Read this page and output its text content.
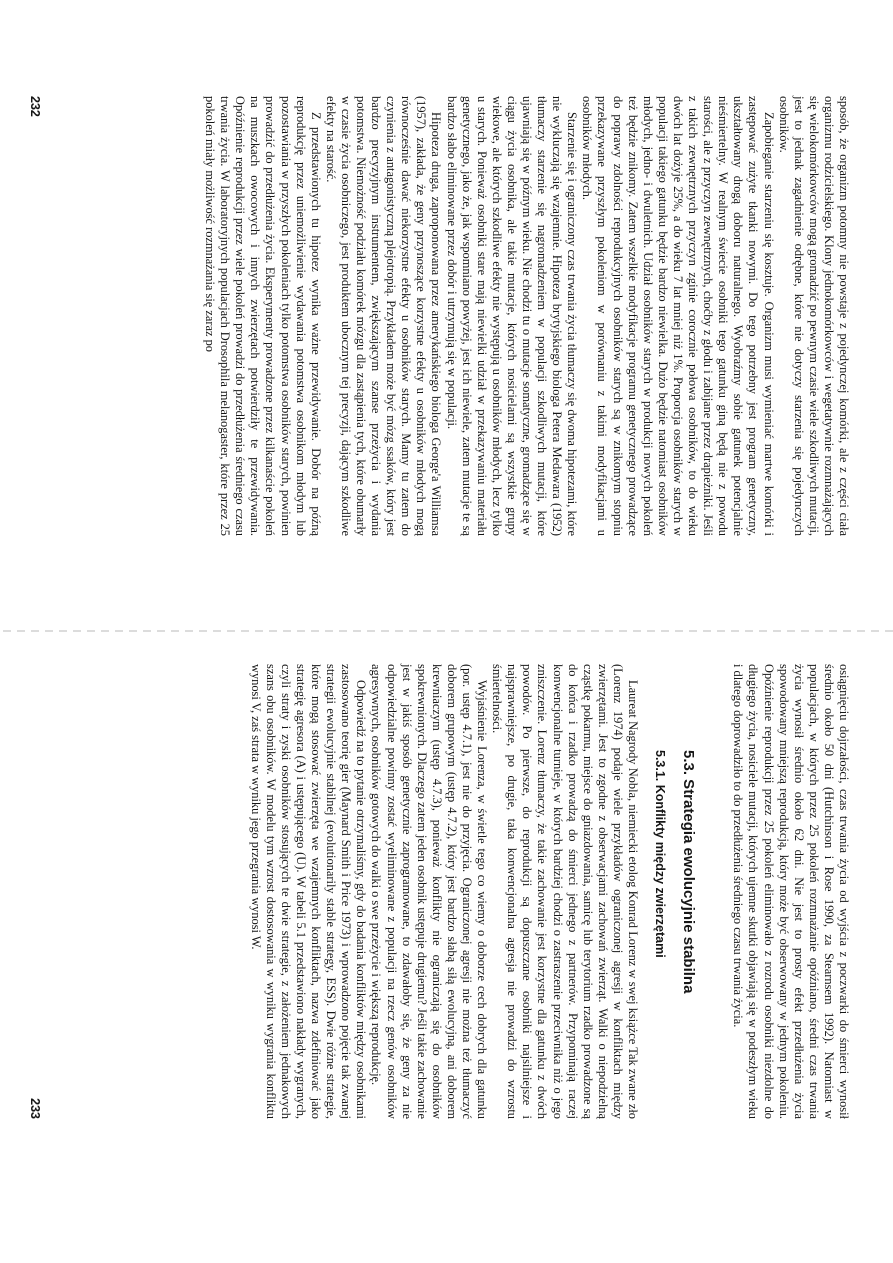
sposób, że organizm potomny nie powstaje z pojedynczej komórki, ale z części ciała organizmu rodzicielskiego. Klony jednokomórkowców i wegetatywnie rozmnażających się wielokomórkowców mogą gromadzić po pewnym czasie wiele szkodliwych mutacji, jest to jednak zagadnienie odrębne, które nie dotyczy starzenia się pojedynczych osobników.

Zapobieganie starzeniu się kosztuje. Organizm musi wymieniać martwe komórki i zastępować zużyte tkanki nowymi. Do tego potrzebny jest program genetyczny, ukształtowany drogą doboru naturalnego. Wyobraźmy sobie gatunek potencjalnie nieśmiertelny. W realnym świecie osobniki tego gatunku giną będą nie z powodu starości, ale z przyczyn zewnętrznych, choćby z głodu i zabijane przez drapieżniki. Jeśli z takich zewnętrznych przyczyn zginie corocznie połowa osobników, to do wieku dwóch lat dożyje 25%, a do wieku 7 lat mniej niż 1%. Proporcja osobników starych w populacji takiego gatunku będzie bardzo niewielka. Dużo będzie natomiast osobników młodych, jedno- i dwuletnich. Udział osobników starych w produkcji nowych pokoleń też będzie znikomy. Zatem wszelkie modyfikacje programu genetycznego prowadzące do poprawy zdolności reprodukcyjnych osobników starych są w znikomym stopniu przekazywane przyszłym pokoleniom w porównaniu z takimi modyfikacjami u osobników młodych.

Starzenie się i ograniczony czas trwania życia tłumaczy się dwoma hipotezami, które nie wykluczają się wzajemnie. Hipoteza brytyjskiego biologa Petera Medawara (1952) tłumaczy starzenie się nagromadzeniem w populacji szkodliwych mutacji, które ujawniają się w późnym wieku. Nie chodzi tu o mutacje somatyczne, gromadzące się w ciągu życia osobnika, ale takie mutacje, których nosicielami są wszystkie grupy wiekowe, ale których szkodliwe efekty nie występują u osobników młodych, lecz tylko u starych. Ponieważ osobniki stare mają niewielki udział w przekazywaniu materiału genetycznego, jako że, jak wspomniano powyżej, jest ich niewiele, zatem mutacje te są bardzo słabo eliminowane przez dobór i utrzymują się w populacji.

Hipoteza druga, zaproponowana przez amerykańskiego biologa George'a Williamsa (1957), zakłada, że geny przynoszące korzystne efekty u osobników młodych mogą równocześnie dawać niekorzystne efekty u osobników starych. Mamy tu zatem do czynienia z antagonistyczną plejotropią. Przykładem może być mózg ssaków, który jest bardzo precyzyjnym instrumentem, zwiększającym szanse przeżycia i wydania potomstwa. Niemożność podziału komórek mózgu dla zastąpienia tych, które obumarły w czasie życia osobniczego, jest produktem ubocznym tej precyzji, dającym szkodliwe efekty na starość.

Z przedstawionych tu hipotez wynika ważne przewidywanie. Dobór na późną reprodukcję przez uniemożliwienie wydawania potomstwa osobnikom młodym lub pozostawiania w przyszłych pokoleniach tylko potomstwa osobników starych, powinien prowadzić do przedłużenia życia. Eksperymenty prowadzone przez kilkanaście pokoleń na muszkach owocowych i innych zwierzętach potwierdziły te przewidywania. Opóźnienie reprodukcji przez wiele pokoleń prowadzi do przedłużenia średniego czasu trwania życia. W laboratoryjnych populacjach Drosophila melanogaster, które przez 25 pokoleń miały możliwość rozmnażania się zaraz po

232

osiągnięciu dojrzałości, czas trwania życia od wyjścia z poczwarki do śmierci wynosił średnio około 50 dni (Hutchinson i Rose 1990, za Stearnsem 1992). Natomiast w populacjach, w których przez 25 pokoleń rozmnażanie opóźniano, średni czas trwania życia wynosił średnio około 62 dni. Nie jest to prosty efekt przedłużenia życia spowodowany mniejszą reprodukcją, który może być obserwowany w jednym pokoleniu. Opóźnienie reprodukcji przez 25 pokoleń eliminowało z rozrodu osobniki niezdolne do długiego życia, nosiciele mutacji, których ujemne skutki objawiają się w podeszłym wieku i dlatego doprowadziło to do przedłużenia średniego czasu trwania życia.

5.3. Strategia ewolucyjnie stabilna
5.3.1. Konflikty między zwierzętami

Laureat Nagrody Nobla, niemiecki etolog Konrad Lorenz w swej książce Tak zwane zło (Lorenz 1974) podaje wiele przykładów ograniczonej agresji w konfliktach między zwierzętami. Jest to zgodne z obserwacjami zachowań zwierząt. Walki o niepodzielną cząstkę pokarmu, miejsce do gniazdowania, samicę lub terytorium rzadko prowadzone są do końca i rzadko prowadzą do śmierci jednego z partnerów. Przypominają raczej konwencjonalne turnieje, w których bardziej chodzi o zastraszenie przeciwnika niż o jego zniszczenie. Lorenz tłumaczy, że takie zachowanie jest korzystne dla gatunku z dwóch powodów. Po pierwsze, do reprodukcji są dopuszczane osobniki najsilniejsze i najsprawniejsze, po drugie, taka konwencjonalna agresja nie prowadzi do wzrostu śmiertelności.

Wyjaśnienie Lorenza, w świetle tego co wiemy o doborze cech dobrych dla gatunku (por. ustęp 4.7.1), jest nie do przyjęcia. Ograniczonej agresji nie można też tłumaczyć doborem grupowym (ustęp 4.7.2), który jest bardzo słabą siłą ewolucyjną, ani doborem krewniaczym (ustęp 4.7.3), ponieważ konflikty nie ograniczają się do osobników spokrewnionych. Dlaczego zatem jeden osobnik ustępuje drugiemu? Jeśli takie zachowanie jest w jakiś sposób genetycznie zaprogramowane, to zdawałoby się, że geny za nie odpowiedzialne powinny zostać wyeliminowane z populacji na rzecz genów osobników agresywnych, osobników gotowych do walki o swe przeżycie i większą reprodukcję.

Odpowiedź na to pytanie otrzymaliśmy, gdy do badania konfliktów między osobnikami zastosowano teorię gier (Maynard Smith i Price 1973) i wprowadzono pojęcie tak zwanej strategii ewolucyjnie stabilnej (evolutionarily stable strategy, ESS). Dwie różne strategie, które mogą stosować zwierzęta we wzajemnych konfliktach, nazwa zdefiniować jako strategię agresora (A) i ustępującego (U). W tabeli 5.1 przedstawiono nakłady wygranych, czyli straty i zyski osobników stosujących te dwie strategie, z założeniem jednakowych szans obu osobników. W modelu tym wzrost dostosowania w wyniku wygrania konfliktu wynosi V, zaś strata w wyniku jego przegrania wynosi W.

233
